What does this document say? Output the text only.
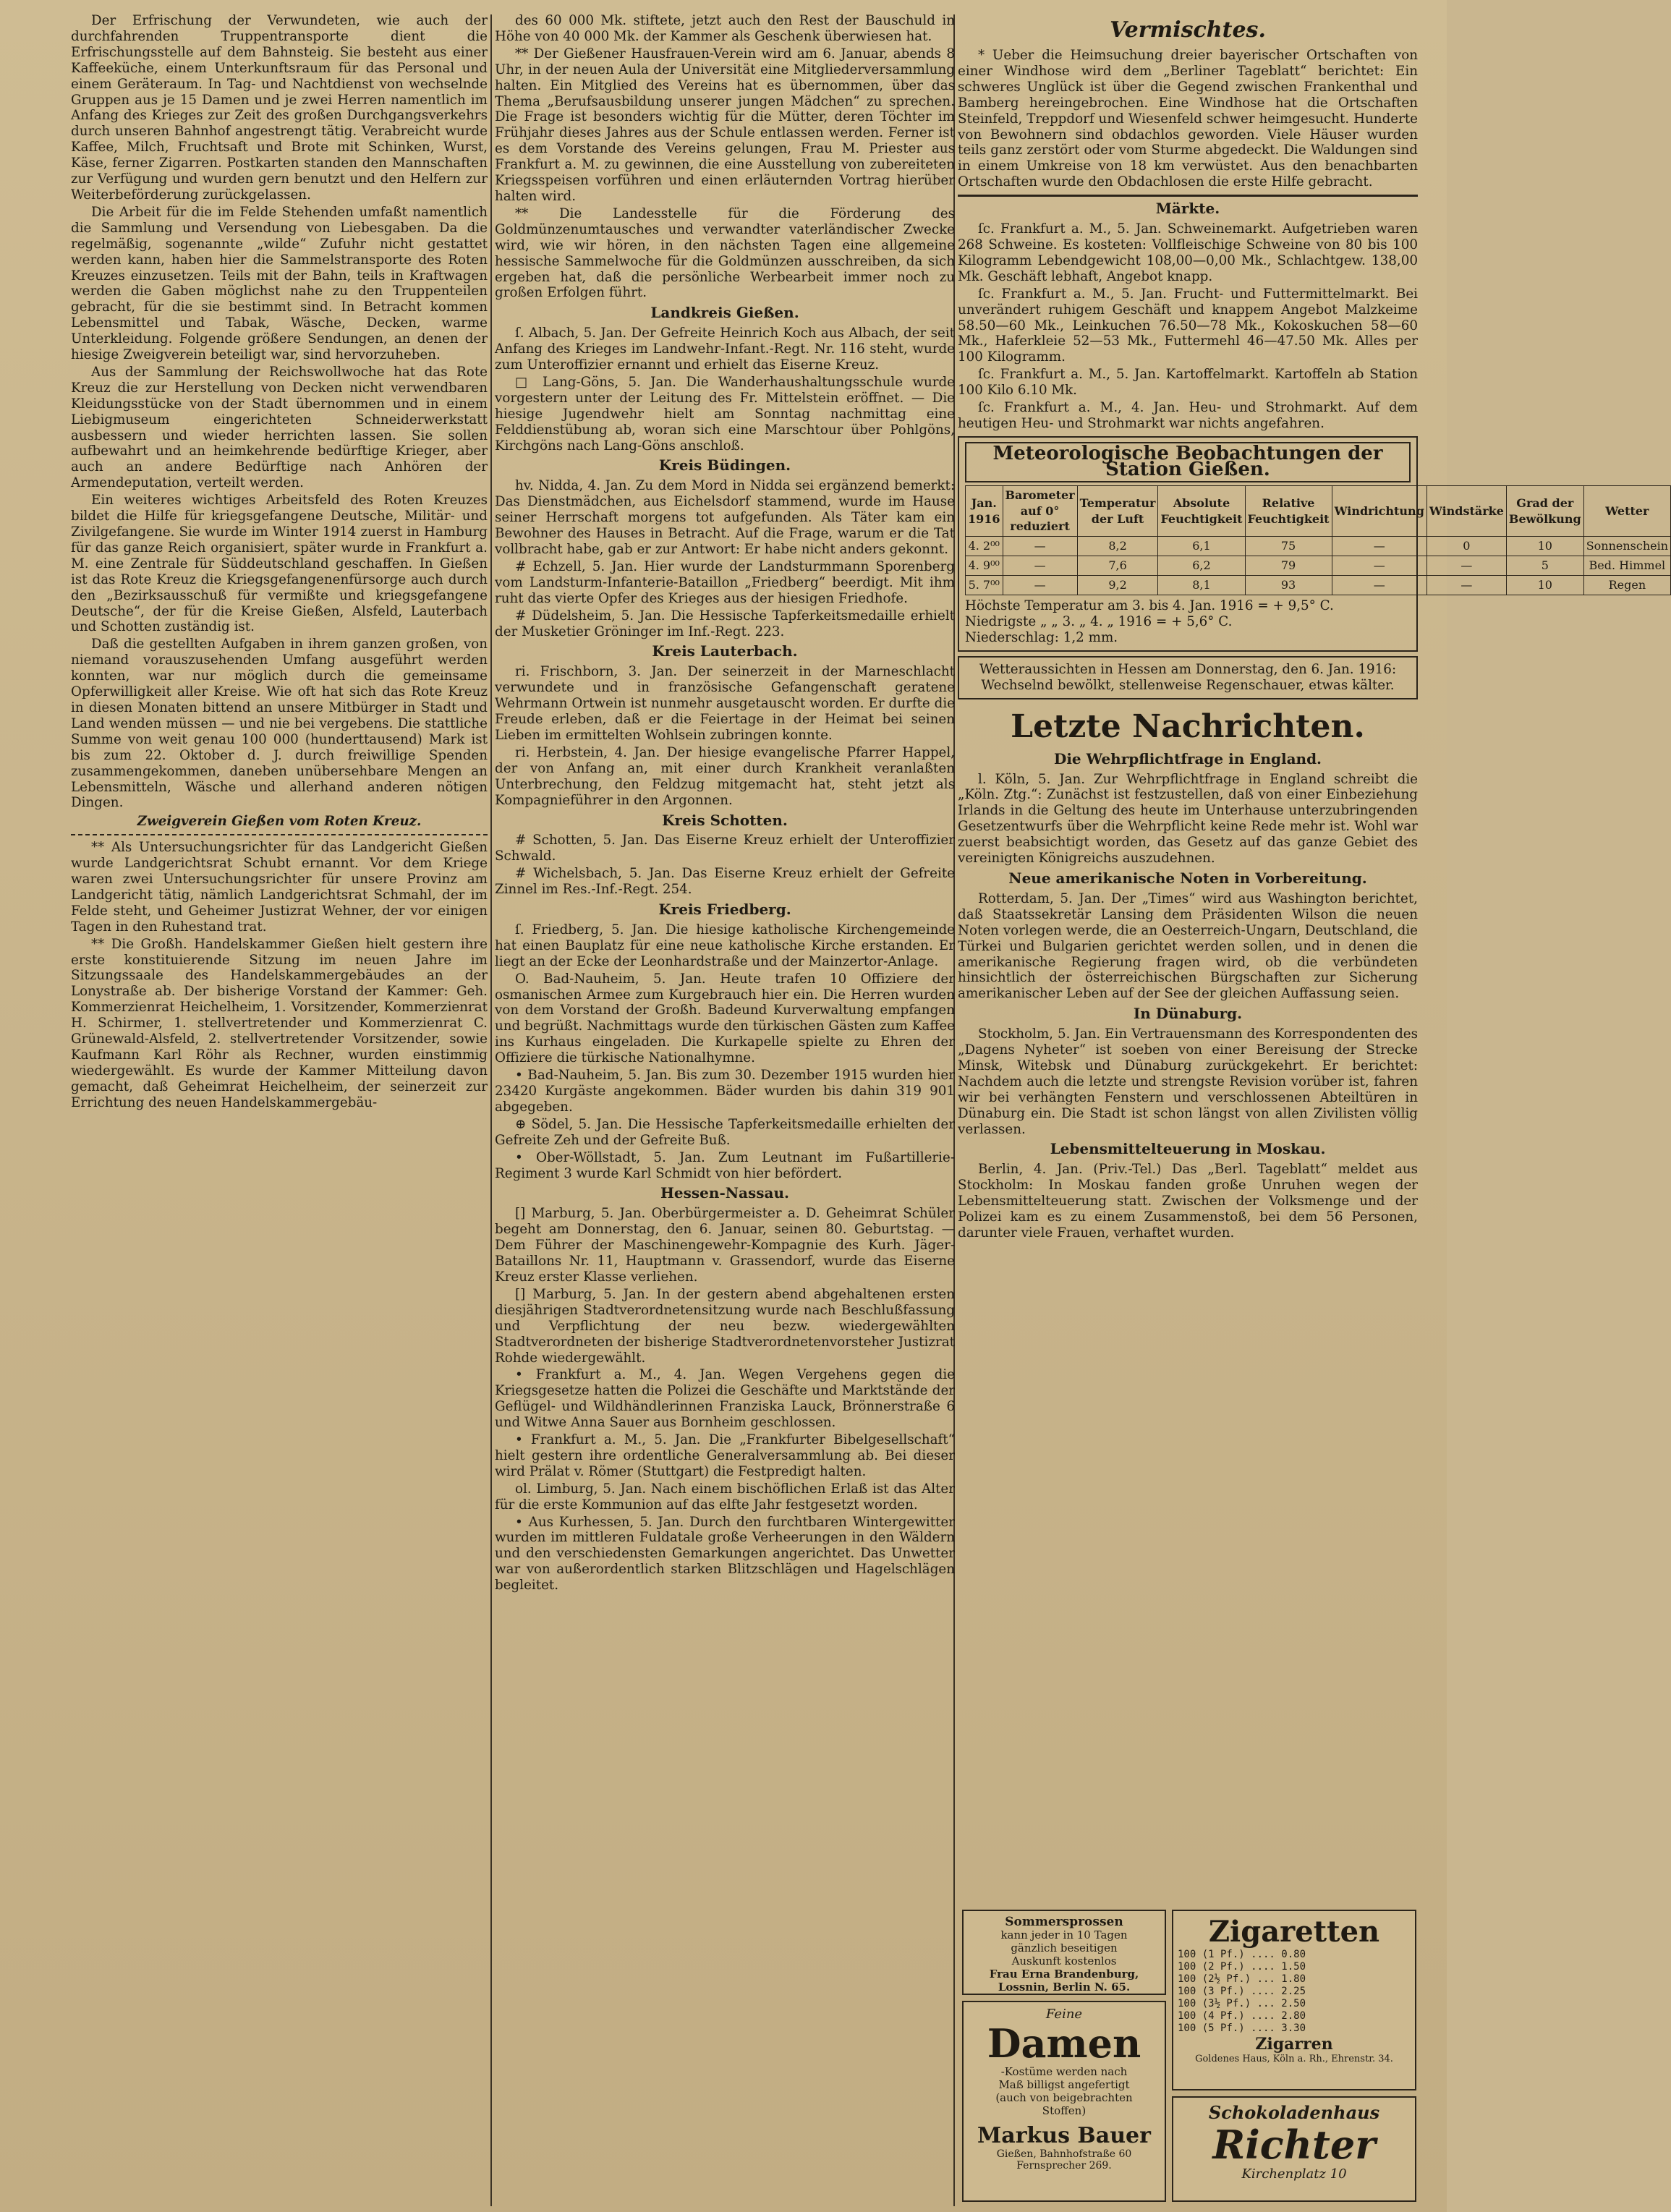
Der Erfrischung der Verwundeten, wie auch der durchfahrenden Truppentransporte dient die Erfrischungsstelle auf dem Bahnsteig. Sie besteht aus einer Kaffeeküche, einem Unterkunftsraum für das Personal und einem Geräteraum. In Tag- und Nachtdienst von wechselnde Gruppen aus je 15 Damen und je zwei Herren namentlich im Anfang des Krieges zur Zeit des großen Durchgangsverkehrs durch unseren Bahnhof angestrengt tätig. Verabreicht wurde Kaffee, Milch, Fruchtsaft und Brote mit Schinken, Wurst, Käse, ferner Zigarren. Postkarten standen den Mannschaften zur Verfügung und wurden gern benutzt und den Helfern zur Weiterbeförderung zurückgelassen.

Die Arbeit für die im Felde Stehenden umfaßt namentlich die Sammlung und Versendung von Liebesgaben. Da die regelmäßig, sogenannte „wilde“ Zufuhr nicht gestattet werden kann, haben hier die Sammelstransporte des Roten Kreuzes einzusetzen. Teils mit der Bahn, teils in Kraftwagen werden die Gaben möglichst nahe zu den Truppenteilen gebracht, für die sie bestimmt sind. In Betracht kommen Lebensmittel und Tabak, Wäsche, Decken, warme Unterkleidung. Folgende größere Sendungen, an denen der hiesige Zweigverein beteiligt war, sind hervorzuheben.

Aus der Sammlung der Reichswollwoche hat das Rote Kreuz die zur Herstellung von Decken nicht verwendbaren Kleidungsstücke von der Stadt übernommen und in einem Liebigmuseum eingerichteten Schneiderwerkstatt ausbessern und wieder herrichten lassen. Sie sollen aufbewahrt und an heimkehrende bedürftige Krieger, aber auch an andere Bedürftige nach Anhören der Armendeputation, verteilt werden.

Ein weiteres wichtiges Arbeitsfeld des Roten Kreuzes bildet die Hilfe für kriegsgefangene Deutsche, Militär- und Zivilgefangene. Sie wurde im Winter 1914 zuerst in Hamburg für das ganze Reich organisiert, später wurde in Frankfurt a. M. eine Zentrale für Süddeutschland geschaffen. In Gießen ist das Rote Kreuz die Kriegsgefangenenfürsorge auch durch den „Bezirksausschuß für vermißte und kriegsgefangene Deutsche“, der für die Kreise Gießen, Alsfeld, Lauterbach und Schotten zuständig ist.

Daß die gestellten Aufgaben in ihrem ganzen großen, von niemand vorauszusehenden Umfang ausgeführt werden konnten, war nur möglich durch die gemeinsame Opferwilligkeit aller Kreise. Wie oft hat sich das Rote Kreuz in diesen Monaten bittend an unsere Mitbürger in Stadt und Land wenden müssen — und nie bei vergebens. Die stattliche Summe von weit genau 100 000 (hunderttausend) Mark ist bis zum 22. Oktober d. J. durch freiwillige Spenden zusammengekommen, daneben unübersehbare Mengen an Lebensmitteln, Wäsche und allerhand anderen nötigen Dingen.

Zweigverein Gießen vom Roten Kreuz.

** Als Untersuchungsrichter für das Landgericht Gießen wurde Landgerichtsrat Schubt ernannt. Vor dem Kriege waren zwei Untersuchungsrichter für unsere Provinz am Landgericht tätig, nämlich Landgerichtsrat Schmahl, der im Felde steht, und Geheimer Justizrat Wehner, der vor einigen Tagen in den Ruhestand trat.

** Die Großh. Handelskammer Gießen hielt gestern ihre erste konstituierende Sitzung im neuen Jahre im Sitzungssaale des Handelskammergebäudes an der Lonystraße ab. Der bisherige Vorstand der Kammer: Geh. Kommerzienrat Heichelheim, 1. Vorsitzender, Kommerzienrat H. Schirmer, 1. stellvertretender und Kommerzienrat C. Grünewald-Alsfeld, 2. stellvertretender Vorsitzender, sowie Kaufmann Karl Röhr als Rechner, wurden einstimmig wiedergewählt. Es wurde der Kammer Mitteilung davon gemacht, daß Geheimrat Heichelheim, der seinerzeit zur Errichtung des neuen Handelskammergebäu-

des 60 000 Mk. stiftete, jetzt auch den Rest der Bauschuld in Höhe von 40 000 Mk. der Kammer als Geschenk überwiesen hat.

** Der Gießener Hausfrauen-Verein wird am 6. Januar, abends 8 Uhr, in der neuen Aula der Universität eine Mitgliederversammlung halten. Ein Mitglied des Vereins hat es übernommen, über das Thema „Berufsausbildung unserer jungen Mädchen“ zu sprechen. Die Frage ist besonders wichtig für die Mütter, deren Töchter im Frühjahr dieses Jahres aus der Schule entlassen werden. Ferner ist es dem Vorstande des Vereins gelungen, Frau M. Priester aus Frankfurt a. M. zu gewinnen, die eine Ausstellung von zubereiteten Kriegsspeisen vorführen und einen erläuternden Vortrag hierüber halten wird.

** Die Landesstelle für die Förderung des Goldmünzenumtausches und verwandter vaterländischer Zwecke wird, wie wir hören, in den nächsten Tagen eine allgemeine hessische Sammelwoche für die Goldmünzen ausschreiben, da sich ergeben hat, daß die persönliche Werbearbeit immer noch zu großen Erfolgen führt.

Landkreis Gießen.

ſ. Albach, 5. Jan. Der Gefreite Heinrich Koch aus Albach, der seit Anfang des Krieges im Landwehr-Infant.-Regt. Nr. 116 steht, wurde zum Unteroffizier ernannt und erhielt das Eiserne Kreuz.

□ Lang-Göns, 5. Jan. Die Wanderhaushaltungsschule wurde vorgestern unter der Leitung des Fr. Mittelstein eröffnet. — Die hiesige Jugendwehr hielt am Sonntag nachmittag eine Felddienstübung ab, woran sich eine Marschtour über Pohlgöns, Kirchgöns nach Lang-Göns anschloß.

Kreis Büdingen.

hv. Nidda, 4. Jan. Zu dem Mord in Nidda sei ergänzend bemerkt: Das Dienstmädchen, aus Eichelsdorf stammend, wurde im Hause seiner Herrschaft morgens tot aufgefunden. Als Täter kam ein Bewohner des Hauses in Betracht. Auf die Frage, warum er die Tat vollbracht habe, gab er zur Antwort: Er habe nicht anders gekonnt.

# Echzell, 5. Jan. Hier wurde der Landsturmmann Sporenberg vom Landsturm-Infanterie-Bataillon „Friedberg“ beerdigt. Mit ihm ruht das vierte Opfer des Krieges aus der hiesigen Friedhofe.

# Düdelsheim, 5. Jan. Die Hessische Tapferkeitsmedaille erhielt der Musketier Gröninger im Inf.-Regt. 223.

Kreis Lauterbach.

ri. Frischborn, 3. Jan. Der seinerzeit in der Marneschlacht verwundete und in französische Gefangenschaft geratene Wehrmann Ortwein ist nunmehr ausgetauscht worden. Er durfte die Freude erleben, daß er die Feiertage in der Heimat bei seinen Lieben im ermittelten Wohlsein zubringen konnte.

ri. Herbstein, 4. Jan. Der hiesige evangelische Pfarrer Happel, der von Anfang an, mit einer durch Krankheit veranlaßten Unterbrechung, den Feldzug mitgemacht hat, steht jetzt als Kompagnieführer in den Argonnen.

Kreis Schotten.

# Schotten, 5. Jan. Das Eiserne Kreuz erhielt der Unteroffizier Schwald.

# Wichelsbach, 5. Jan. Das Eiserne Kreuz erhielt der Gefreite Zinnel im Res.-Inf.-Regt. 254.

Kreis Friedberg.

ſ. Friedberg, 5. Jan. Die hiesige katholische Kirchengemeinde hat einen Bauplatz für eine neue katholische Kirche erstanden. Er liegt an der Ecke der Leonhardstraße und der Mainzertor-Anlage.

O. Bad-Nauheim, 5. Jan. Heute trafen 10 Offiziere der osmanischen Armee zum Kurgebrauch hier ein. Die Herren wurden von dem Vorstand der Großh. Badeund Kurverwaltung empfangen und begrüßt. Nachmittags wurde den türkischen Gästen zum Kaffee ins Kurhaus eingeladen. Die Kurkapelle spielte zu Ehren der Offiziere die türkische Nationalhymne.

• Bad-Nauheim, 5. Jan. Bis zum 30. Dezember 1915 wurden hier 23420 Kurgäste angekommen. Bäder wurden bis dahin 319 901 abgegeben.

⊕ Södel, 5. Jan. Die Hessische Tapferkeitsmedaille erhielten der Gefreite Zeh und der Gefreite Buß.

• Ober-Wöllstadt, 5. Jan. Zum Leutnant im Fußartillerie-Regiment 3 wurde Karl Schmidt von hier befördert.

Hessen-Nassau.

[] Marburg, 5. Jan. Oberbürgermeister a. D. Geheimrat Schüler begeht am Donnerstag, den 6. Januar, seinen 80. Geburtstag. — Dem Führer der Maschinengewehr-Kompagnie des Kurh. Jäger-Bataillons Nr. 11, Hauptmann v. Grassendorf, wurde das Eiserne Kreuz erster Klasse verliehen.

[] Marburg, 5. Jan. In der gestern abend abgehaltenen ersten diesjährigen Stadtverordnetensitzung wurde nach Beschlußfassung und Verpflichtung der neu bezw. wiedergewählten Stadtverordneten der bisherige Stadtverordnetenvorsteher Justizrat Rohde wiedergewählt.

• Frankfurt a. M., 4. Jan. Wegen Vergehens gegen die Kriegsgesetze hatten die Polizei die Geschäfte und Marktstände der Geflügel- und Wildhändlerinnen Franziska Lauck, Brönnerstraße 6 und Witwe Anna Sauer aus Bornheim geschlossen.

• Frankfurt a. M., 5. Jan. Die „Frankfurter Bibelgesellschaft“ hielt gestern ihre ordentliche Generalversammlung ab. Bei dieser wird Prälat v. Römer (Stuttgart) die Festpredigt halten.

ol. Limburg, 5. Jan. Nach einem bischöflichen Erlaß ist das Alter für die erste Kommunion auf das elfte Jahr festgesetzt worden.

• Aus Kurhessen, 5. Jan. Durch den furchtbaren Wintergewitter wurden im mittleren Fuldatale große Verheerungen in den Wäldern und den verschiedensten Gemarkungen angerichtet. Das Unwetter war von außerordentlich starken Blitzschlägen und Hagelschlägen begleitet.

Vermischtes.

* Ueber die Heimsuchung dreier bayerischer Ortschaften von einer Windhose wird dem „Berliner Tageblatt“ berichtet: Ein schweres Unglück ist über die Gegend zwischen Frankenthal und Bamberg hereingebrochen. Eine Windhose hat die Ortschaften Steinfeld, Treppdorf und Wiesenfeld schwer heimgesucht. Hunderte von Bewohnern sind obdachlos geworden. Viele Häuser wurden teils ganz zerstört oder vom Sturme abgedeckt. Die Waldungen sind in einem Umkreise von 18 km verwüstet. Aus den benachbarten Ortschaften wurde den Obdachlosen die erste Hilfe gebracht.

Märkte.

ſc. Frankfurt a. M., 5. Jan. Schweinemarkt. Aufgetrieben waren 268 Schweine. Es kosteten: Vollfleischige Schweine von 80 bis 100 Kilogramm Lebendgewicht 108,00—0,00 Mk., Schlachtgew. 138,00 Mk. Geschäft lebhaft, Angebot knapp.

ſc. Frankfurt a. M., 5. Jan. Frucht- und Futtermittelmarkt. Bei unverändert ruhigem Geschäft und knappem Angebot Malzkeime 58.50—60 Mk., Leinkuchen 76.50—78 Mk., Kokoskuchen 58—60 Mk., Haferkleie 52—53 Mk., Futtermehl 46—47.50 Mk. Alles per 100 Kilogramm.

ſc. Frankfurt a. M., 5. Jan. Kartoffelmarkt. Kartoffeln ab Station 100 Kilo 6.10 Mk.

ſc. Frankfurt a. M., 4. Jan. Heu- und Strohmarkt. Auf dem heutigen Heu- und Strohmarkt war nichts angefahren.

Meteorologische Beobachtungen der Station Gießen.
Jan. 1916	Barometer auf 0° reduziert	Temperatur der Luft	Absolute Feuchtigkeit	Relative Feuchtigkeit	Windrichtung	Windstärke	Grad der Bewölkung	Wetter
4. 2⁰⁰	—	8,2	6,1	75	—	0	10	Sonnenschein
4. 9⁰⁰	—	7,6	6,2	79	—	—	5	Bed. Himmel
5. 7⁰⁰	—	9,2	8,1	93	—	—	10	Regen
Höchste Temperatur am 3. bis 4. Jan. 1916 = + 9,5° C.
Niedrigste „ „ 3. „ 4. „ 1916 = + 5,6° C.
Niederschlag: 1,2 mm.
Wetteraussichten in Hessen am Donnerstag, den 6. Jan. 1916: Wechselnd bewölkt, stellenweise Regenschauer, etwas kälter.
Letzte Nachrichten.
Die Wehrpflichtfrage in England.

l. Köln, 5. Jan. Zur Wehrpflichtfrage in England schreibt die „Köln. Ztg.“: Zunächst ist festzustellen, daß von einer Einbeziehung Irlands in die Geltung des heute im Unterhause unterzubringenden Gesetzentwurfs über die Wehrpflicht keine Rede mehr ist. Wohl war zuerst beabsichtigt worden, das Gesetz auf das ganze Gebiet des vereinigten Königreichs auszudehnen.

Neue amerikanische Noten in Vorbereitung.

Rotterdam, 5. Jan. Der „Times“ wird aus Washington berichtet, daß Staatssekretär Lansing dem Präsidenten Wilson die neuen Noten vorlegen werde, die an Oesterreich-Ungarn, Deutschland, die Türkei und Bulgarien gerichtet werden sollen, und in denen die amerikanische Regierung fragen wird, ob die verbündeten hinsichtlich der österreichischen Bürgschaften zur Sicherung amerikanischer Leben auf der See der gleichen Auffassung seien.

In Dünaburg.

Stockholm, 5. Jan. Ein Vertrauensmann des Korrespondenten des „Dagens Nyheter“ ist soeben von einer Bereisung der Strecke Minsk, Witebsk und Dünaburg zurückgekehrt. Er berichtet: Nachdem auch die letzte und strengste Revision vorüber ist, fahren wir bei verhängten Fenstern und verschlossenen Abteiltüren in Dünaburg ein. Die Stadt ist schon längst von allen Zivilisten völlig verlassen.

Lebensmittelteuerung in Moskau.

Berlin, 4. Jan. (Priv.-Tel.) Das „Berl. Tageblatt“ meldet aus Stockholm: In Moskau fanden große Unruhen wegen der Lebensmittelteuerung statt. Zwischen der Volksmenge und der Polizei kam es zu einem Zusammenstoß, bei dem 56 Personen, darunter viele Frauen, verhaftet wurden.

Sommersprossen
kann jeder in 10 Tagen
gänzlich beseitigen
Auskunft kostenlos
Frau Erna Brandenburg,
Lossnin, Berlin N. 65.
Feine
Damen
-Kostüme werden nach
Maß billigst angefertigt
(auch von beigebrachten
Stoffen)
Markus Bauer
Gießen, Bahnhofstraße 60
Fernsprecher 269.
Zigaretten
100 (1 Pf.) .... 0.80
100 (2 Pf.) .... 1.50
100 (2½ Pf.) ... 1.80
100 (3 Pf.) .... 2.25
100 (3½ Pf.) ... 2.50
100 (4 Pf.) .... 2.80
100 (5 Pf.) .... 3.30
Zigarren
Goldenes Haus, Köln a. Rh., Ehrenstr. 34.
Schokoladenhaus
Richter
Kirchenplatz 10
